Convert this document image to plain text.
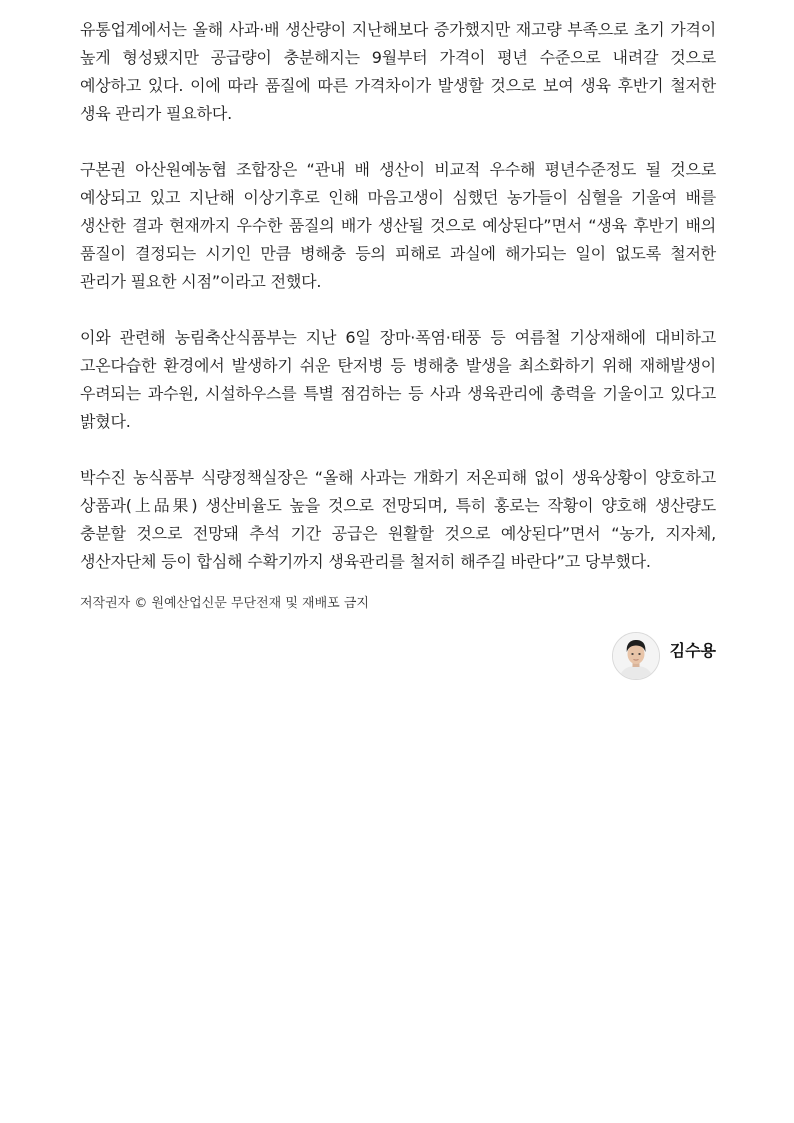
유통업계에서는 올해 사과·배 생산량이 지난해보다 증가했지만 재고량 부족으로 초기 가격이 높게 형성됐지만 공급량이 충분해지는 9월부터 가격이 평년 수준으로 내려갈 것으로 예상하고 있다. 이에 따라 품질에 따른 가격차이가 발생할 것으로 보여 생육 후반기 철저한 생육 관리가 필요하다.

구본권 아산원예농협 조합장은 “관내 배 생산이 비교적 우수해 평년수준정도 될 것으로 예상되고 있고 지난해 이상기후로 인해 마음고생이 심했던 농가들이 심혈을 기울여 배를 생산한 결과 현재까지 우수한 품질의 배가 생산될 것으로 예상된다”면서 “생육 후반기 배의 품질이 결정되는 시기인 만큼 병해충 등의 피해로 과실에 해가되는 일이 없도록 철저한 관리가 필요한 시점”이라고 전했다.

이와 관련해 농림축산식품부는 지난 6일 장마·폭염·태풍 등 여름철 기상재해에 대비하고 고온다습한 환경에서 발생하기 쉬운 탄저병 등 병해충 발생을 최소화하기 위해 재해발생이 우려되는 과수원, 시설하우스를 특별 점검하는 등 사과 생육관리에 총력을 기울이고 있다고 밝혔다.

박수진 농식품부 식량정책실장은 “올해 사과는 개화기 저온피해 없이 생육상황이 양호하고 상품과(上品果) 생산비율도 높을 것으로 전망되며, 특히 홍로는 작황이 양호해 생산량도 충분할 것으로 전망돼 추석 기간 공급은 원활할 것으로 예상된다”면서 “농가, 지자체, 생산자단체 등이 합심해 수확기까지 생육관리를 철저히 해주길 바란다”고 당부했다.

저작권자 © 원예산업신문 무단전재 및 재배포 금지
김수용
